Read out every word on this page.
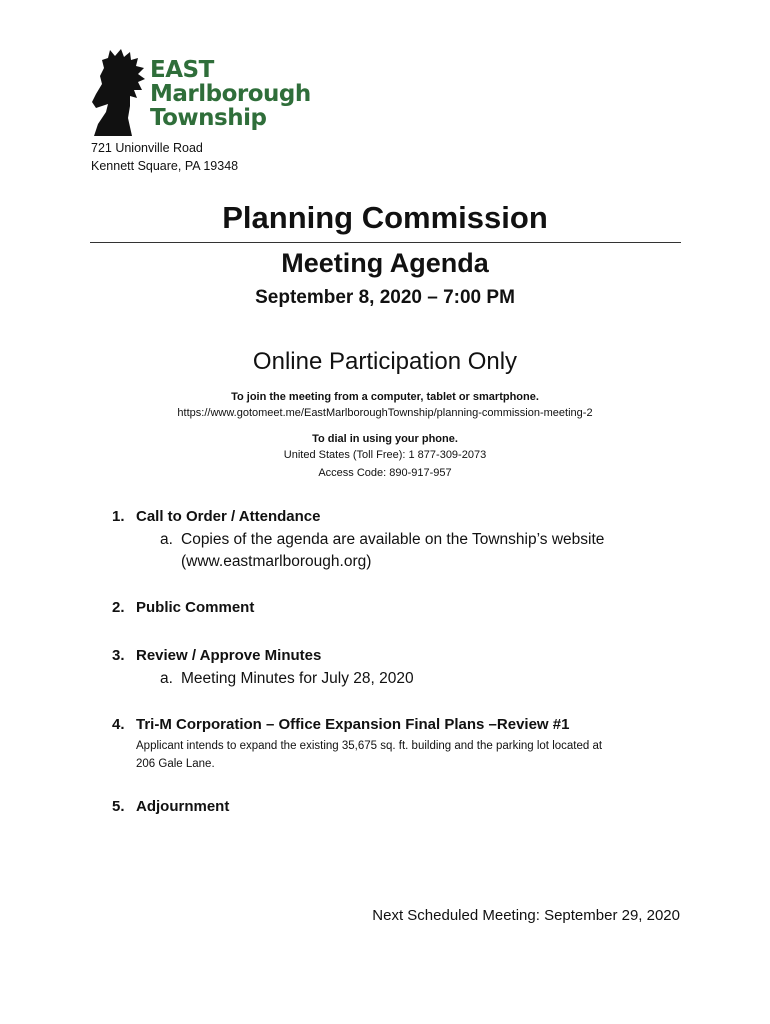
EAST
Marlborough
Township
721 Unionville Road
Kennett Square, PA 19348
Planning Commission
Meeting Agenda
September 8, 2020 – 7:00 PM
Online Participation Only
To join the meeting from a computer, tablet or smartphone.
https://www.gotomeet.me/EastMarlboroughTownship/planning-commission-meeting-2
To dial in using your phone.
United States (Toll Free): 1 877-309-2073
Access Code: 890-917-957
1. Call to Order / Attendance
a. Copies of the agenda are available on the Township’s website
(www.eastmarlborough.org)
2. Public Comment
3. Review / Approve Minutes
a. Meeting Minutes for July 28, 2020
4. Tri-M Corporation – Office Expansion Final Plans –Review #1
Applicant intends to expand the existing 35,675 sq. ft. building and the parking lot located at
206 Gale Lane.
5. Adjournment
Next Scheduled Meeting: September 29, 2020
